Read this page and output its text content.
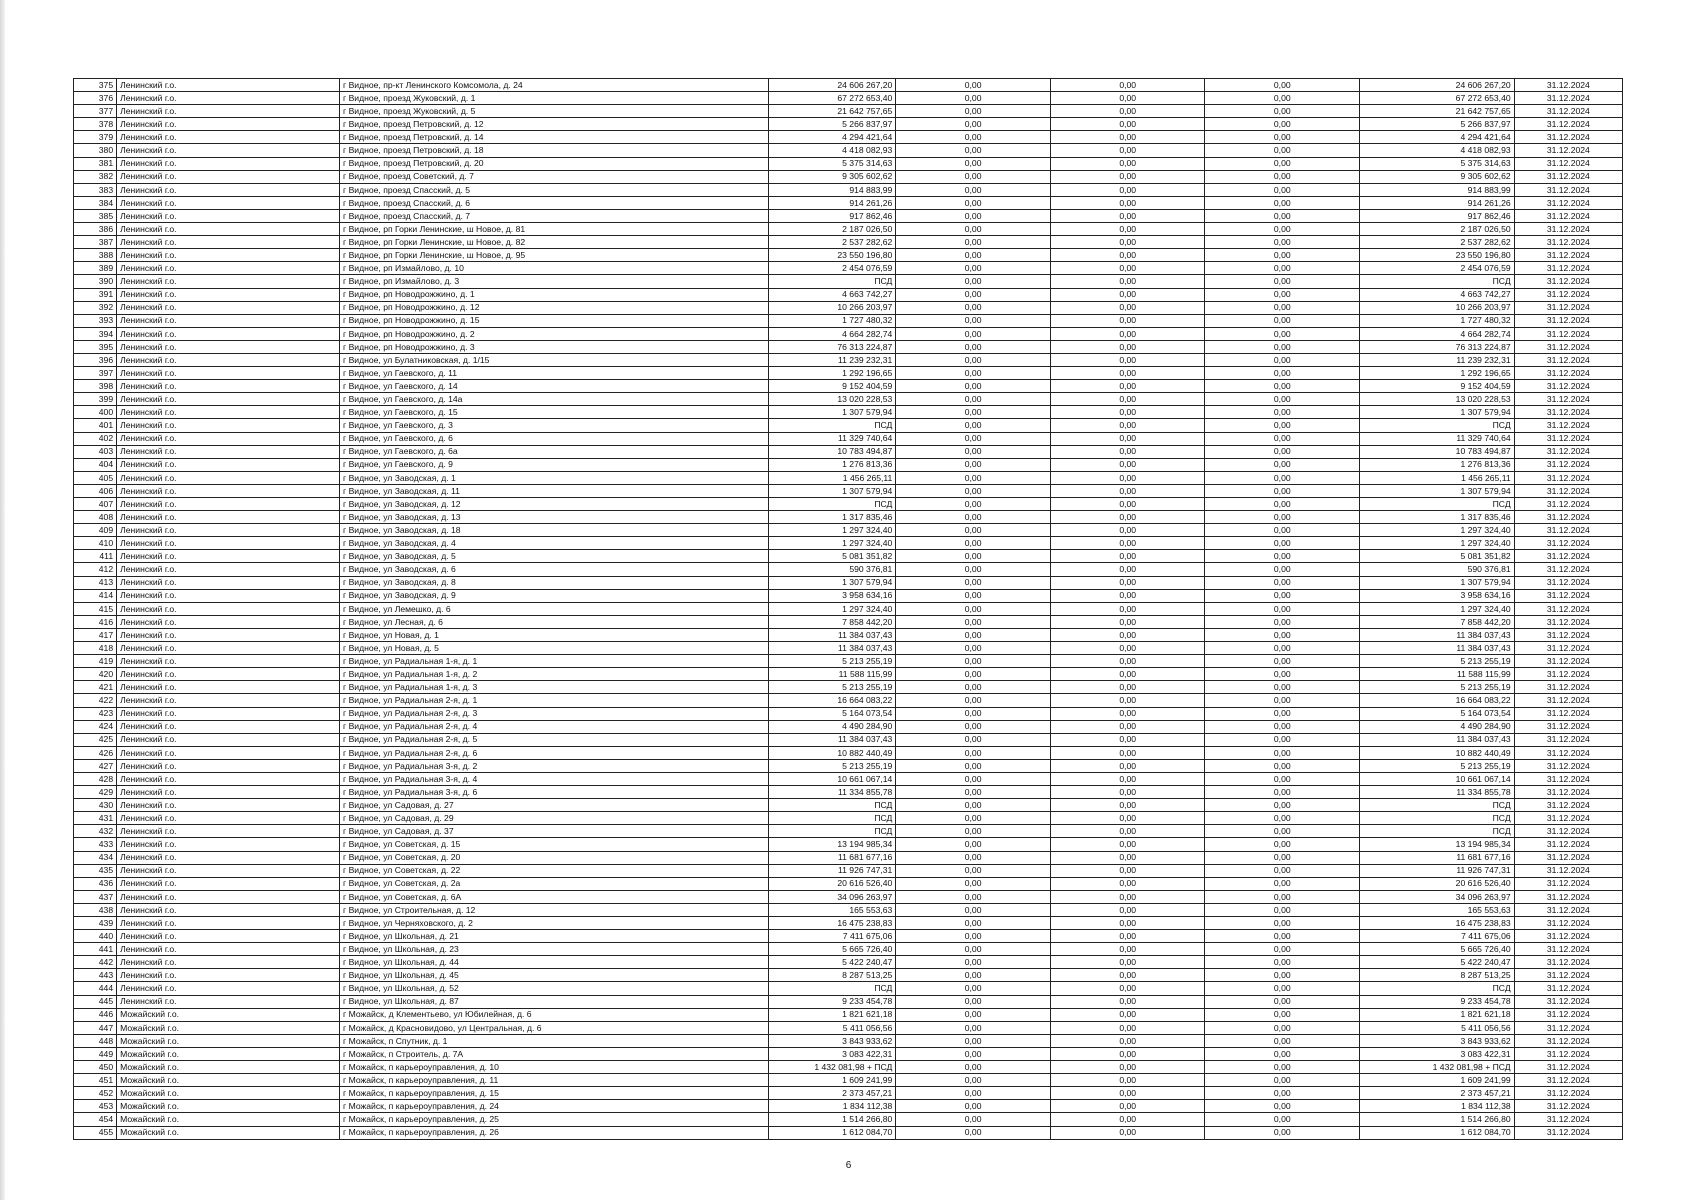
375	Ленинский г.о.	г Видное, пр-кт Ленинского Комсомола, д. 24	24 606 267,20	0,00	0,00	0,00	24 606 267,20	31.12.2024
376	Ленинский г.о.	г Видное, проезд Жуковский, д. 1	67 272 653,40	0,00	0,00	0,00	67 272 653,40	31.12.2024
377	Ленинский г.о.	г Видное, проезд Жуковский, д. 5	21 642 757,65	0,00	0,00	0,00	21 642 757,65	31.12.2024
378	Ленинский г.о.	г Видное, проезд Петровский, д. 12	5 266 837,97	0,00	0,00	0,00	5 266 837,97	31.12.2024
379	Ленинский г.о.	г Видное, проезд Петровский, д. 14	4 294 421,64	0,00	0,00	0,00	4 294 421,64	31.12.2024
380	Ленинский г.о.	г Видное, проезд Петровский, д. 18	4 418 082,93	0,00	0,00	0,00	4 418 082,93	31.12.2024
381	Ленинский г.о.	г Видное, проезд Петровский, д. 20	5 375 314,63	0,00	0,00	0,00	5 375 314,63	31.12.2024
382	Ленинский г.о.	г Видное, проезд Советский, д. 7	9 305 602,62	0,00	0,00	0,00	9 305 602,62	31.12.2024
383	Ленинский г.о.	г Видное, проезд Спасский, д. 5	914 883,99	0,00	0,00	0,00	914 883,99	31.12.2024
384	Ленинский г.о.	г Видное, проезд Спасский, д. 6	914 261,26	0,00	0,00	0,00	914 261,26	31.12.2024
385	Ленинский г.о.	г Видное, проезд Спасский, д. 7	917 862,46	0,00	0,00	0,00	917 862,46	31.12.2024
386	Ленинский г.о.	г Видное, рп Горки Ленинские, ш Новое, д. 81	2 187 026,50	0,00	0,00	0,00	2 187 026,50	31.12.2024
387	Ленинский г.о.	г Видное, рп Горки Ленинские, ш Новое, д. 82	2 537 282,62	0,00	0,00	0,00	2 537 282,62	31.12.2024
388	Ленинский г.о.	г Видное, рп Горки Ленинские, ш Новое, д. 95	23 550 196,80	0,00	0,00	0,00	23 550 196,80	31.12.2024
389	Ленинский г.о.	г Видное, рп Измайлово, д. 10	2 454 076,59	0,00	0,00	0,00	2 454 076,59	31.12.2024
390	Ленинский г.о.	г Видное, рп Измайлово, д. 3	ПСД	0,00	0,00	0,00	ПСД	31.12.2024
391	Ленинский г.о.	г Видное, рп Новодрожжино, д. 1	4 663 742,27	0,00	0,00	0,00	4 663 742,27	31.12.2024
392	Ленинский г.о.	г Видное, рп Новодрожжино, д. 12	10 266 203,97	0,00	0,00	0,00	10 266 203,97	31.12.2024
393	Ленинский г.о.	г Видное, рп Новодрожжино, д. 15	1 727 480,32	0,00	0,00	0,00	1 727 480,32	31.12.2024
394	Ленинский г.о.	г Видное, рп Новодрожжино, д. 2	4 664 282,74	0,00	0,00	0,00	4 664 282,74	31.12.2024
395	Ленинский г.о.	г Видное, рп Новодрожжино, д. 3	76 313 224,87	0,00	0,00	0,00	76 313 224,87	31.12.2024
396	Ленинский г.о.	г Видное, ул Булатниковская, д. 1/15	11 239 232,31	0,00	0,00	0,00	11 239 232,31	31.12.2024
397	Ленинский г.о.	г Видное, ул Гаевского, д. 11	1 292 196,65	0,00	0,00	0,00	1 292 196,65	31.12.2024
398	Ленинский г.о.	г Видное, ул Гаевского, д. 14	9 152 404,59	0,00	0,00	0,00	9 152 404,59	31.12.2024
399	Ленинский г.о.	г Видное, ул Гаевского, д. 14а	13 020 228,53	0,00	0,00	0,00	13 020 228,53	31.12.2024
400	Ленинский г.о.	г Видное, ул Гаевского, д. 15	1 307 579,94	0,00	0,00	0,00	1 307 579,94	31.12.2024
401	Ленинский г.о.	г Видное, ул Гаевского, д. 3	ПСД	0,00	0,00	0,00	ПСД	31.12.2024
402	Ленинский г.о.	г Видное, ул Гаевского, д. 6	11 329 740,64	0,00	0,00	0,00	11 329 740,64	31.12.2024
403	Ленинский г.о.	г Видное, ул Гаевского, д. 6а	10 783 494,87	0,00	0,00	0,00	10 783 494,87	31.12.2024
404	Ленинский г.о.	г Видное, ул Гаевского, д. 9	1 276 813,36	0,00	0,00	0,00	1 276 813,36	31.12.2024
405	Ленинский г.о.	г Видное, ул Заводская, д. 1	1 456 265,11	0,00	0,00	0,00	1 456 265,11	31.12.2024
406	Ленинский г.о.	г Видное, ул Заводская, д. 11	1 307 579,94	0,00	0,00	0,00	1 307 579,94	31.12.2024
407	Ленинский г.о.	г Видное, ул Заводская, д. 12	ПСД	0,00	0,00	0,00	ПСД	31.12.2024
408	Ленинский г.о.	г Видное, ул Заводская, д. 13	1 317 835,46	0,00	0,00	0,00	1 317 835,46	31.12.2024
409	Ленинский г.о.	г Видное, ул Заводская, д. 18	1 297 324,40	0,00	0,00	0,00	1 297 324,40	31.12.2024
410	Ленинский г.о.	г Видное, ул Заводская, д. 4	1 297 324,40	0,00	0,00	0,00	1 297 324,40	31.12.2024
411	Ленинский г.о.	г Видное, ул Заводская, д. 5	5 081 351,82	0,00	0,00	0,00	5 081 351,82	31.12.2024
412	Ленинский г.о.	г Видное, ул Заводская, д. 6	590 376,81	0,00	0,00	0,00	590 376,81	31.12.2024
413	Ленинский г.о.	г Видное, ул Заводская, д. 8	1 307 579,94	0,00	0,00	0,00	1 307 579,94	31.12.2024
414	Ленинский г.о.	г Видное, ул Заводская, д. 9	3 958 634,16	0,00	0,00	0,00	3 958 634,16	31.12.2024
415	Ленинский г.о.	г Видное, ул Лемешко, д. 6	1 297 324,40	0,00	0,00	0,00	1 297 324,40	31.12.2024
416	Ленинский г.о.	г Видное, ул Лесная, д. 6	7 858 442,20	0,00	0,00	0,00	7 858 442,20	31.12.2024
417	Ленинский г.о.	г Видное, ул Новая, д. 1	11 384 037,43	0,00	0,00	0,00	11 384 037,43	31.12.2024
418	Ленинский г.о.	г Видное, ул Новая, д. 5	11 384 037,43	0,00	0,00	0,00	11 384 037,43	31.12.2024
419	Ленинский г.о.	г Видное, ул Радиальная 1-я, д. 1	5 213 255,19	0,00	0,00	0,00	5 213 255,19	31.12.2024
420	Ленинский г.о.	г Видное, ул Радиальная 1-я, д. 2	11 588 115,99	0,00	0,00	0,00	11 588 115,99	31.12.2024
421	Ленинский г.о.	г Видное, ул Радиальная 1-я, д. 3	5 213 255,19	0,00	0,00	0,00	5 213 255,19	31.12.2024
422	Ленинский г.о.	г Видное, ул Радиальная 2-я, д. 1	16 664 083,22	0,00	0,00	0,00	16 664 083,22	31.12.2024
423	Ленинский г.о.	г Видное, ул Радиальная 2-я, д. 3	5 164 073,54	0,00	0,00	0,00	5 164 073,54	31.12.2024
424	Ленинский г.о.	г Видное, ул Радиальная 2-я, д. 4	4 490 284,90	0,00	0,00	0,00	4 490 284,90	31.12.2024
425	Ленинский г.о.	г Видное, ул Радиальная 2-я, д. 5	11 384 037,43	0,00	0,00	0,00	11 384 037,43	31.12.2024
426	Ленинский г.о.	г Видное, ул Радиальная 2-я, д. 6	10 882 440,49	0,00	0,00	0,00	10 882 440,49	31.12.2024
427	Ленинский г.о.	г Видное, ул Радиальная 3-я, д. 2	5 213 255,19	0,00	0,00	0,00	5 213 255,19	31.12.2024
428	Ленинский г.о.	г Видное, ул Радиальная 3-я, д. 4	10 661 067,14	0,00	0,00	0,00	10 661 067,14	31.12.2024
429	Ленинский г.о.	г Видное, ул Радиальная 3-я, д. 6	11 334 855,78	0,00	0,00	0,00	11 334 855,78	31.12.2024
430	Ленинский г.о.	г Видное, ул Садовая, д. 27	ПСД	0,00	0,00	0,00	ПСД	31.12.2024
431	Ленинский г.о.	г Видное, ул Садовая, д. 29	ПСД	0,00	0,00	0,00	ПСД	31.12.2024
432	Ленинский г.о.	г Видное, ул Садовая, д. 37	ПСД	0,00	0,00	0,00	ПСД	31.12.2024
433	Ленинский г.о.	г Видное, ул Советская, д. 15	13 194 985,34	0,00	0,00	0,00	13 194 985,34	31.12.2024
434	Ленинский г.о.	г Видное, ул Советская, д. 20	11 681 677,16	0,00	0,00	0,00	11 681 677,16	31.12.2024
435	Ленинский г.о.	г Видное, ул Советская, д. 22	11 926 747,31	0,00	0,00	0,00	11 926 747,31	31.12.2024
436	Ленинский г.о.	г Видное, ул Советская, д. 2а	20 616 526,40	0,00	0,00	0,00	20 616 526,40	31.12.2024
437	Ленинский г.о.	г Видное, ул Советская, д. 6А	34 096 263,97	0,00	0,00	0,00	34 096 263,97	31.12.2024
438	Ленинский г.о.	г Видное, ул Строительная, д. 12	165 553,63	0,00	0,00	0,00	165 553,63	31.12.2024
439	Ленинский г.о.	г Видное, ул Черняховского, д. 2	16 475 238,83	0,00	0,00	0,00	16 475 238,83	31.12.2024
440	Ленинский г.о.	г Видное, ул Школьная, д. 21	7 411 675,06	0,00	0,00	0,00	7 411 675,06	31.12.2024
441	Ленинский г.о.	г Видное, ул Школьная, д. 23	5 665 726,40	0,00	0,00	0,00	5 665 726,40	31.12.2024
442	Ленинский г.о.	г Видное, ул Школьная, д. 44	5 422 240,47	0,00	0,00	0,00	5 422 240,47	31.12.2024
443	Ленинский г.о.	г Видное, ул Школьная, д. 45	8 287 513,25	0,00	0,00	0,00	8 287 513,25	31.12.2024
444	Ленинский г.о.	г Видное, ул Школьная, д. 52	ПСД	0,00	0,00	0,00	ПСД	31.12.2024
445	Ленинский г.о.	г Видное, ул Школьная, д. 87	9 233 454,78	0,00	0,00	0,00	9 233 454,78	31.12.2024
446	Можайский г.о.	г Можайск, д Клементьево, ул Юбилейная, д. 6	1 821 621,18	0,00	0,00	0,00	1 821 621,18	31.12.2024
447	Можайский г.о.	г Можайск, д Красновидово, ул Центральная, д. 6	5 411 056,56	0,00	0,00	0,00	5 411 056,56	31.12.2024
448	Можайский г.о.	г Можайск, п Спутник, д. 1	3 843 933,62	0,00	0,00	0,00	3 843 933,62	31.12.2024
449	Можайский г.о.	г Можайск, п Строитель, д. 7А	3 083 422,31	0,00	0,00	0,00	3 083 422,31	31.12.2024
450	Можайский г.о.	г Можайск, п карьероуправления, д. 10	1 432 081,98 + ПСД	0,00	0,00	0,00	1 432 081,98 + ПСД	31.12.2024
451	Можайский г.о.	г Можайск, п карьероуправления, д. 11	1 609 241,99	0,00	0,00	0,00	1 609 241,99	31.12.2024
452	Можайский г.о.	г Можайск, п карьероуправления, д. 15	2 373 457,21	0,00	0,00	0,00	2 373 457,21	31.12.2024
453	Можайский г.о.	г Можайск, п карьероуправления, д. 24	1 834 112,38	0,00	0,00	0,00	1 834 112,38	31.12.2024
454	Можайский г.о.	г Можайск, п карьероуправления, д. 25	1 514 266,80	0,00	0,00	0,00	1 514 266,80	31.12.2024
455	Можайский г.о.	г Можайск, п карьероуправления, д. 26	1 612 084,70	0,00	0,00	0,00	1 612 084,70	31.12.2024
6
